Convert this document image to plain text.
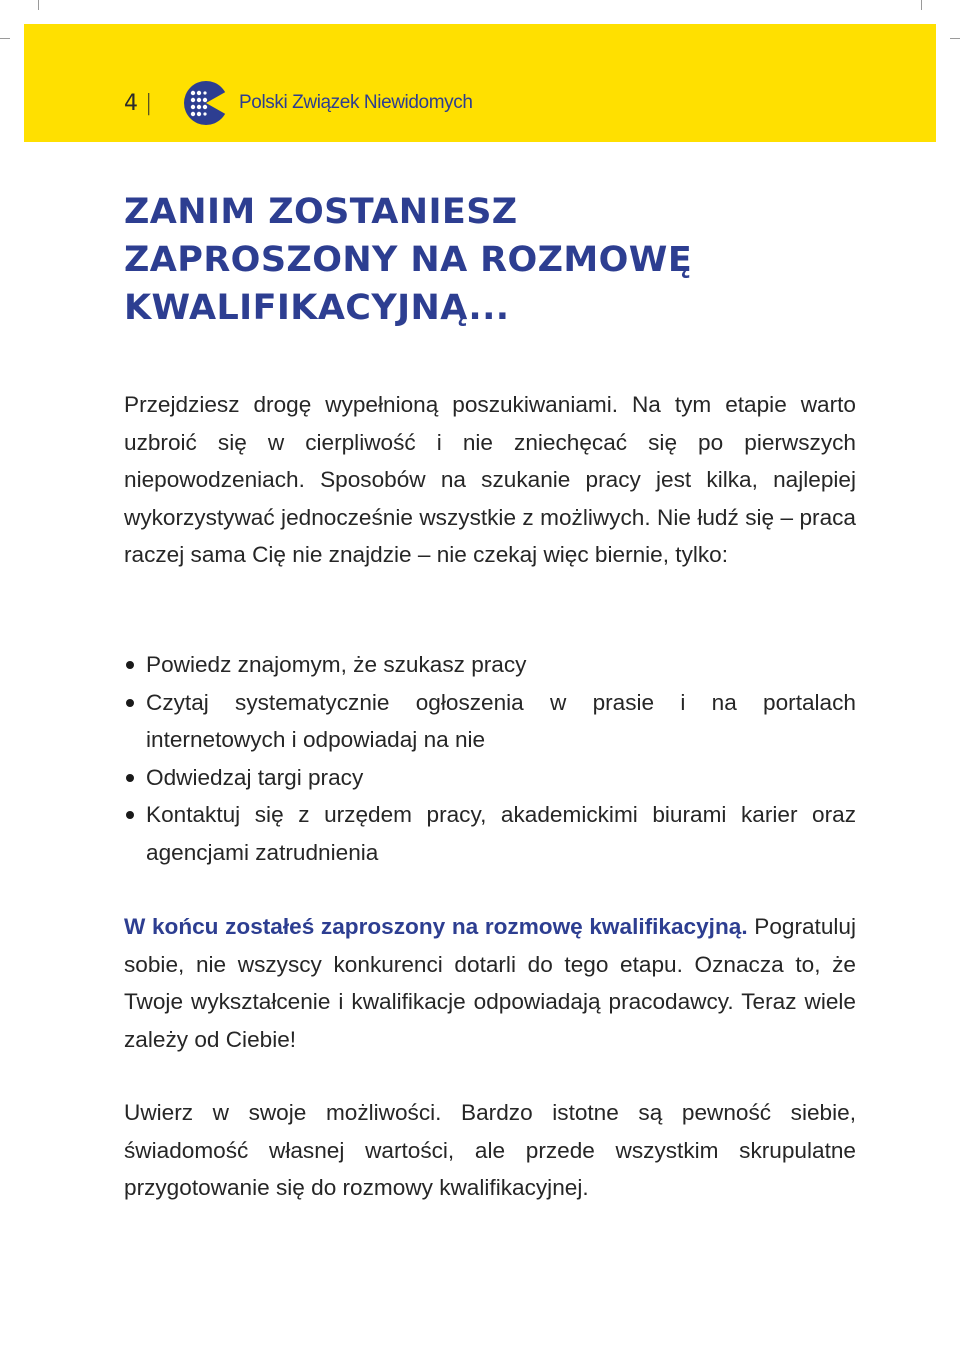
4 |	Polski Związek Niewidomych
ZANIM ZOSTANIESZ
ZAPROSZONY NA ROZMOWĘ
KWALIFIKACYJNĄ...

Przejdziesz drogę wypełnioną poszukiwaniami. Na tym etapie warto uzbroić się w cierpliwość i nie zniechęcać się po pierwszych niepowodzeniach. Sposobów na szukanie pracy jest kilka, najlepiej wykorzystywać jednocześnie wszystkie z możliwych. Nie łudź się – praca raczej sama Cię nie znajdzie – nie czekaj więc biernie, tylko:

Powiedz znajomym, że szukasz pracy
Czytaj systematycznie ogłoszenia w prasie i na portalach internetowych i odpowiadaj na nie
Odwiedzaj targi pracy
Kontaktuj się z urzędem pracy, akademickimi biurami karier oraz agencjami zatrudnienia

W końcu zostałeś zaproszony na rozmowę kwalifikacyjną. Pogratuluj sobie, nie wszyscy konkurenci dotarli do tego etapu. Oznacza to, że Twoje wykształcenie i kwalifikacje odpowiadają pracodawcy. Teraz wiele zależy od Ciebie!

Uwierz w swoje możliwości. Bardzo istotne są pewność siebie, świadomość własnej wartości, ale przede wszystkim skrupulatne przygotowanie się do rozmowy kwalifikacyjnej.
